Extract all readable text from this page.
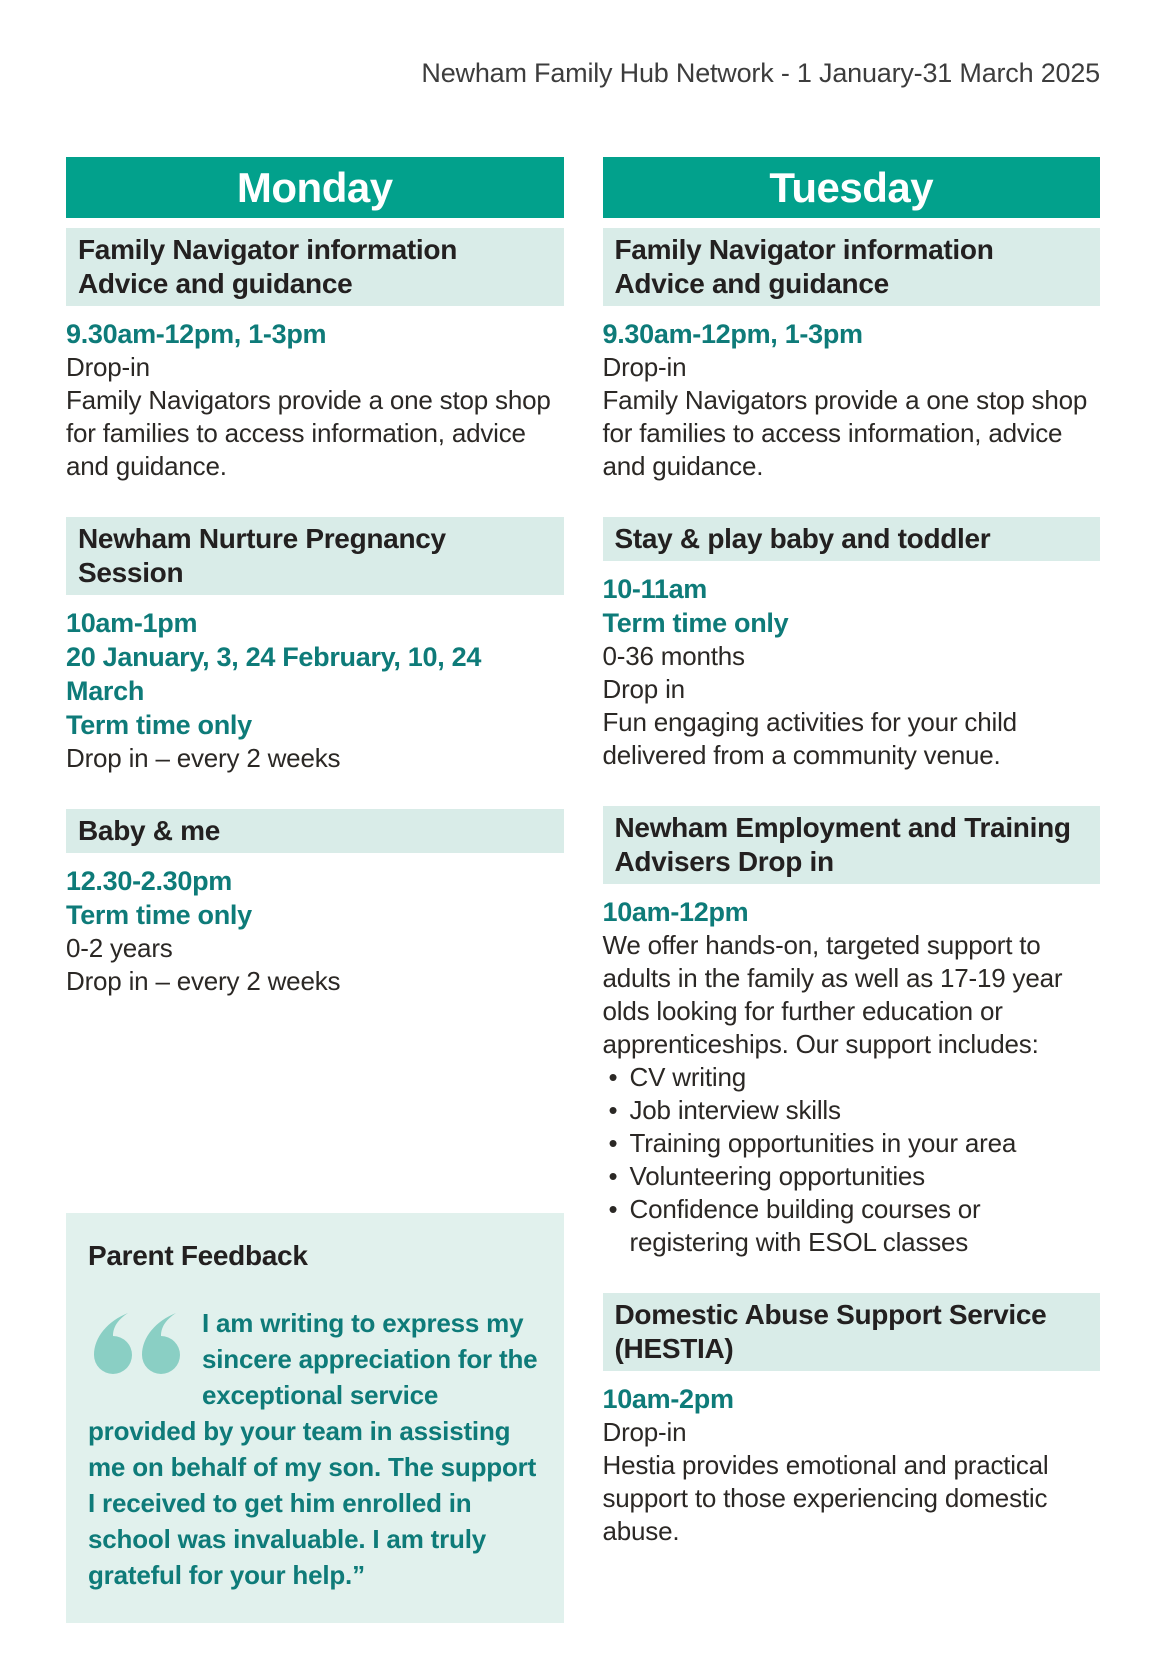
Newham Family Hub Network - 1 January-31 March 2025
Monday
Family Navigator information
Advice and guidance
9.30am-12pm, 1-3pm
Drop-in
Family Navigators provide a one stop shop for families to access information, advice and guidance.
Newham Nurture Pregnancy
Session
10am-1pm
20 January, 3, 24 February, 10, 24 March
Term time only
Drop in – every 2 weeks
Baby & me
12.30-2.30pm
Term time only
0-2 years
Drop in – every 2 weeks
Parent Feedback
I am writing to express my sincere appreciation for the exceptional service provided by your team in assisting me on behalf of my son. The support I received to get him enrolled in school was invaluable. I am truly grateful for your help.”
Tuesday
Family Navigator information
Advice and guidance
9.30am-12pm, 1-3pm
Drop-in
Family Navigators provide a one stop shop for families to access information, advice and guidance.
Stay & play baby and toddler
10-11am
Term time only
0-36 months
Drop in
Fun engaging activities for your child delivered from a community venue.
Newham Employment and Training
Advisers Drop in
10am-12pm
We offer hands-on, targeted support to adults in the family as well as 17-19 year olds looking for further education or apprenticeships. Our support includes:
• CV writing
• Job interview skills
• Training opportunities in your area
• Volunteering opportunities
• Confidence building courses or registering with ESOL classes
Domestic Abuse Support Service
(HESTIA)
10am-2pm
Drop-in
Hestia provides emotional and practical support to those experiencing domestic abuse.
